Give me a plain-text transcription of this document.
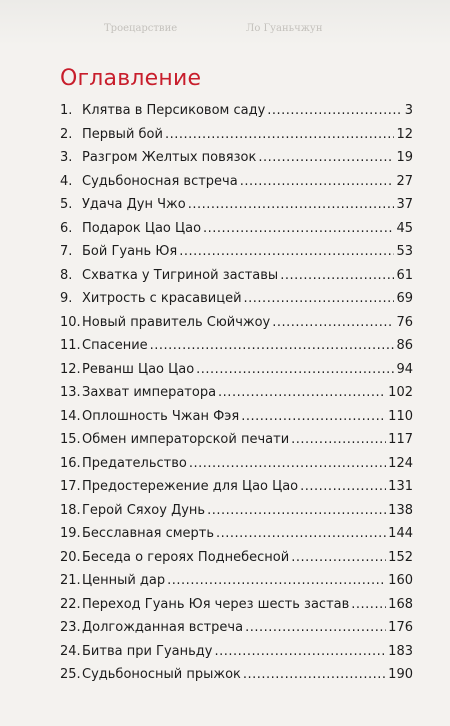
Троецарствие	Ло Гуаньчжун
Оглавление
1. Клятва в Персиковом саду .....	3
2. Первый бой .....	12
3. Разгром Желтых повязок .....	19
4. Судьбоносная встреча .....	27
5. Удача Дун Чжо .....	37
6. Подарок Цао Цао .....	45
7. Бой Гуань Юя .....	53
8. Схватка у Тигриной заставы .....	61
9. Хитрость с красавицей .....	69
10. Новый правитель Сюйчжоу .....	76
11. Спасение .....	86
12. Реванш Цао Цао .....	94
13. Захват императора .....	102
14. Оплошность Чжан Фэя .....	110
15. Обмен императорской печати .....	117
16. Предательство .....	124
17. Предостережение для Цао Цао .....	131
18. Герой Сяхоу Дунь .....	138
19. Бесславная смерть .....	144
20. Беседа о героях Поднебесной .....	152
21. Ценный дар .....	160
22. Переход Гуань Юя через шесть застав .....	168
23. Долгожданная встреча .....	176
24. Битва при Гуаньду .....	183
25. Судьбоносный прыжок .....	190
